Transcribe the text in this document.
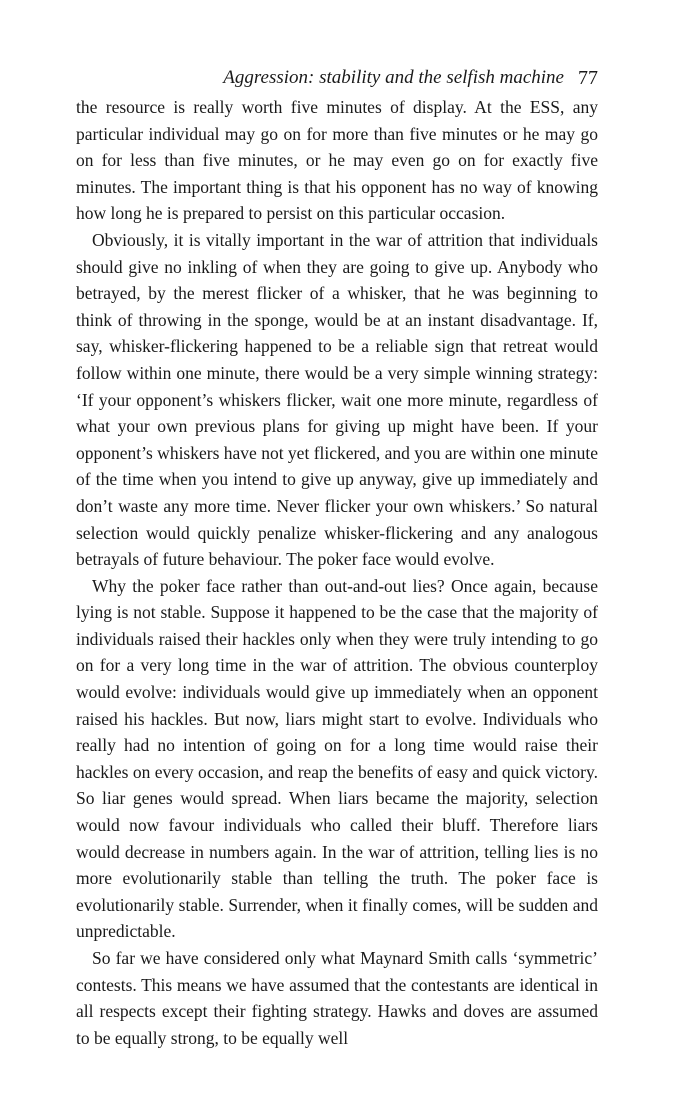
Aggression: stability and the selfish machine 77

the resource is really worth five minutes of display. At the ESS, any particular individual may go on for more than five minutes or he may go on for less than five minutes, or he may even go on for exactly five minutes. The important thing is that his opponent has no way of knowing how long he is prepared to persist on this particular occasion.

Obviously, it is vitally important in the war of attrition that individuals should give no inkling of when they are going to give up. Anybody who betrayed, by the merest flicker of a whisker, that he was beginning to think of throwing in the sponge, would be at an instant disadvantage. If, say, whisker-flickering happened to be a reliable sign that retreat would follow within one minute, there would be a very simple winning strategy: ‘If your opponent’s whiskers flicker, wait one more minute, regardless of what your own previous plans for giving up might have been. If your opponent’s whiskers have not yet flickered, and you are within one minute of the time when you intend to give up anyway, give up immediately and don’t waste any more time. Never flicker your own whiskers.’ So natural selection would quickly penalize whisker-flickering and any analogous betrayals of future behaviour. The poker face would evolve.

Why the poker face rather than out-and-out lies? Once again, because lying is not stable. Suppose it happened to be the case that the majority of individuals raised their hackles only when they were truly intending to go on for a very long time in the war of attrition. The obvious counterploy would evolve: individuals would give up immediately when an opponent raised his hackles. But now, liars might start to evolve. Individuals who really had no intention of going on for a long time would raise their hackles on every occasion, and reap the benefits of easy and quick victory. So liar genes would spread. When liars became the majority, selection would now favour individuals who called their bluff. Therefore liars would decrease in numbers again. In the war of attrition, telling lies is no more evolutionarily stable than telling the truth. The poker face is evolutionarily stable. Surrender, when it finally comes, will be sudden and unpredictable.

So far we have considered only what Maynard Smith calls ‘symmetric’ contests. This means we have assumed that the contestants are identical in all respects except their fighting strategy. Hawks and doves are assumed to be equally strong, to be equally well
